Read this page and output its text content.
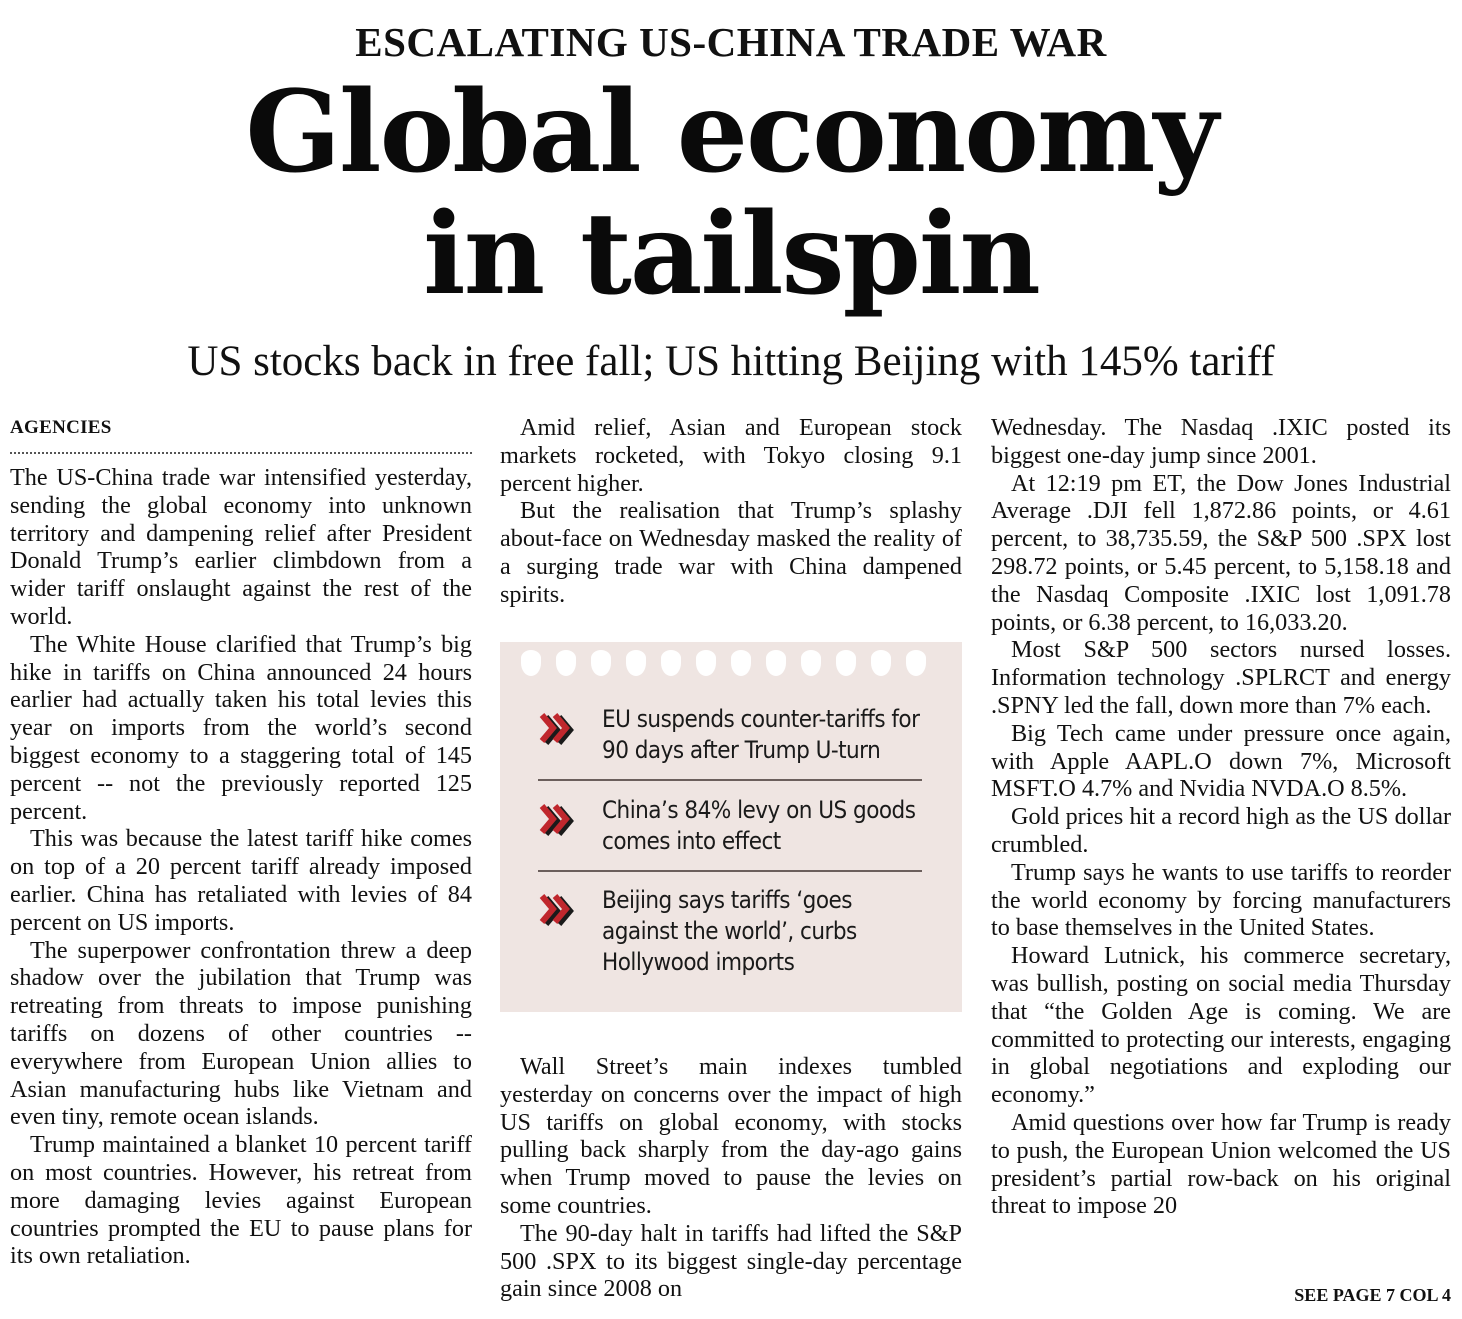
ESCALATING US-CHINA TRADE WAR
Global economy
in tailspin
US stocks back in free fall; US hitting Beijing with 145% tariff
AGENCIES

The US-China trade war intensified yesterday, sending the global economy into unknown territory and dampening relief after President Donald Trump’s earlier climbdown from a wider tariff onslaught against the rest of the world.

The White House clarified that Trump’s big hike in tariffs on China announced 24 hours earlier had actually taken his total levies this year on imports from the world’s second biggest economy to a staggering total of 145 percent -- not the previously reported 125 percent.

This was because the latest tariff hike comes on top of a 20 percent tariff already imposed earlier. China has retaliated with levies of 84 percent on US imports.

The superpower confrontation threw a deep shadow over the jubilation that Trump was retreating from threats to impose punishing tariffs on dozens of other countries -- everywhere from European Union allies to Asian manufacturing hubs like Vietnam and even tiny, remote ocean islands.

Trump maintained a blanket 10 percent tariff on most countries. However, his retreat from more damaging levies against European countries prompted the EU to pause plans for its own retaliation.

Amid relief, Asian and European stock markets rocketed, with Tokyo closing 9.1 percent higher.

But the realisation that Trump’s splashy about-face on Wednesday masked the reality of a surging trade war with China dampened spirits.

EU suspends counter-tariffs for 90 days after Trump U-turn
China’s 84% levy on US goods comes into effect
Beijing says tariffs ‘goes against the world’, curbs Hollywood imports

Wall Street’s main indexes tumbled yesterday on concerns over the impact of high US tariffs on global economy, with stocks pulling back sharply from the day-ago gains when Trump moved to pause the levies on some countries.

The 90-day halt in tariffs had lifted the S&P 500 .SPX to its biggest single-day percentage gain since 2008 on

Wednesday. The Nasdaq .IXIC posted its biggest one-day jump since 2001.

At 12:19 pm ET, the Dow Jones Industrial Average .DJI fell 1,872.86 points, or 4.61 percent, to 38,735.59, the S&P 500 .SPX lost 298.72 points, or 5.45 percent, to 5,158.18 and the Nasdaq Composite .IXIC lost 1,091.78 points, or 6.38 percent, to 16,033.20.

Most S&P 500 sectors nursed losses. Information technology .SPLRCT and energy .SPNY led the fall, down more than 7% each.

Big Tech came under pressure once again, with Apple AAPL.O down 7%, Microsoft MSFT.O 4.7% and Nvidia NVDA.O 8.5%.

Gold prices hit a record high as the US dollar crumbled.

Trump says he wants to use tariffs to reorder the world economy by forcing manufacturers to base themselves in the United States.

Howard Lutnick, his commerce secretary, was bullish, posting on social media Thursday that “the Golden Age is coming. We are committed to protecting our interests, engaging in global negotiations and exploding our economy.”

Amid questions over how far Trump is ready to push, the European Union welcomed the US president’s partial row-back on his original threat to impose 20

SEE PAGE 7 COL 4
